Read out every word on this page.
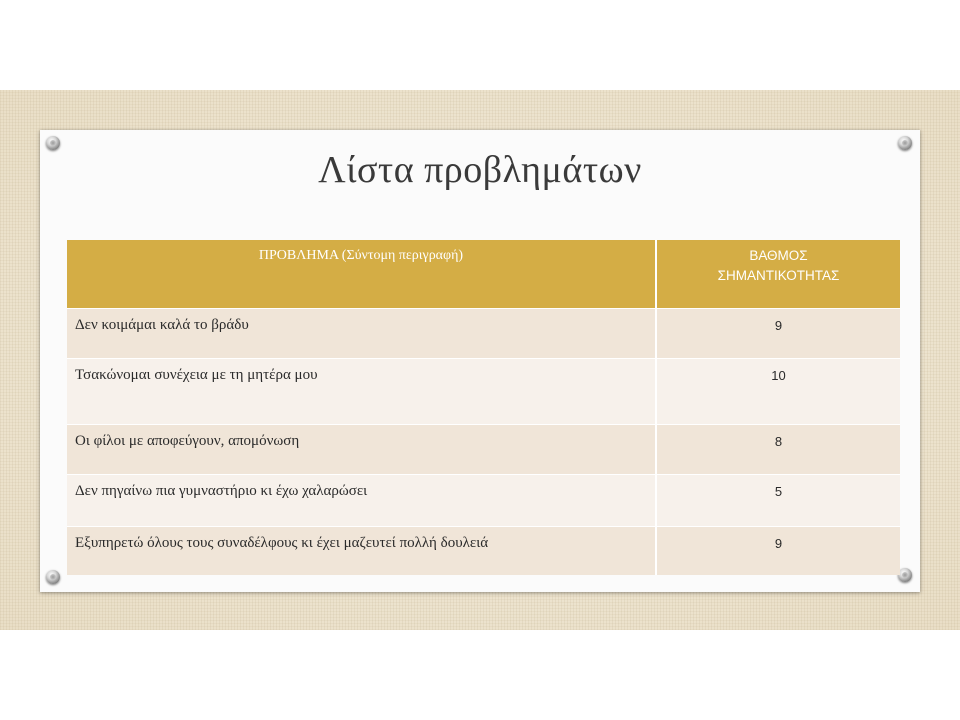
Λίστα προβλημάτων
ΠΡΟΒΛΗΜΑ (Σύντομη περιγραφή)	ΒΑΘΜΟΣ
ΣΗΜΑΝΤΙΚΟΤΗΤΑΣ
Δεν κοιμάμαι καλά το βράδυ	9
Τσακώνομαι συνέχεια με τη μητέρα μου	10
Οι φίλοι με αποφεύγουν, απομόνωση	8
Δεν πηγαίνω πια γυμναστήριο κι έχω χαλαρώσει	5
Εξυπηρετώ όλους τους συναδέλφους κι έχει μαζευτεί πολλή δουλειά	9
